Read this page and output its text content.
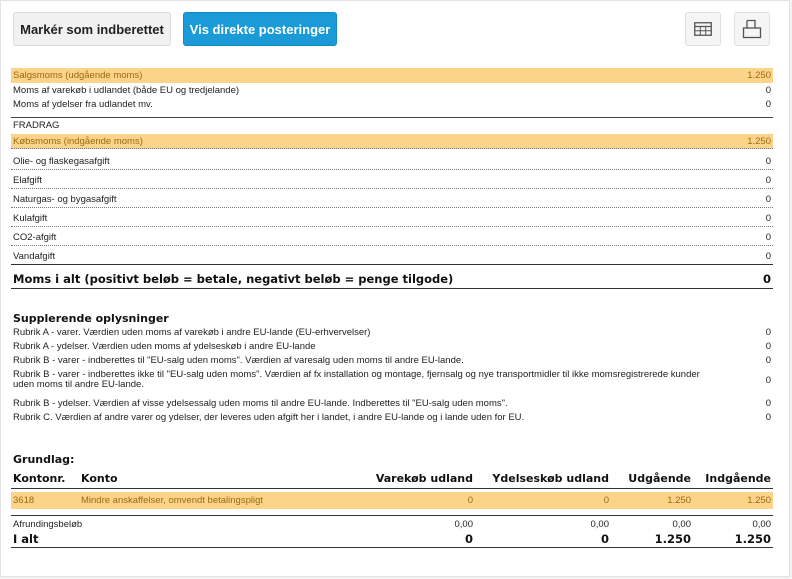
Markér som indberettet	Vis direkte posteringer
Salgsmoms (udgående moms)	1.250
Moms af varekøb i udlandet (både EU og tredjelande)	0
Moms af ydelser fra udlandet mv.	0
FRADRAG
Købsmoms (indgående moms)	1.250
Olie- og flaskegasafgift	0
Elafgift	0
Naturgas- og bygasafgift	0
Kulafgift	0
CO2-afgift	0
Vandafgift	0
Moms i alt (positivt beløb = betale, negativt beløb = penge tilgode)	0
Supplerende oplysninger
Rubrik A - varer. Værdien uden moms af varekøb i andre EU-lande (EU-erhvervelser)	0
Rubrik A - ydelser. Værdien uden moms af ydelseskøb i andre EU-lande	0
Rubrik B - varer - indberettes til "EU-salg uden moms". Værdien af varesalg uden moms til andre EU-lande.	0
Rubrik B - varer - indberettes ikke til "EU-salg uden moms". Værdien af fx installation og montage, fjernsalg og nye transportmidler til ikke momsregistrerede kunder uden moms til andre EU-lande.	0
Rubrik B - ydelser. Værdien af visse ydelsessalg uden moms til andre EU-lande. Indberettes til "EU-salg uden moms".	0
Rubrik C. Værdien af andre varer og ydelser, der leveres uden afgift her i landet, i andre EU-lande og i lande uden for EU.	0
Grundlag:
Kontonr.	Konto	Varekøb udland	Ydelseskøb udland	Udgående	Indgående

3618	Mindre anskaffelser, omvendt betalingspligt	0	0	1.250	1.250

Afrundingsbeløb		0,00	0,00	0,00	0,00
I alt		0	0	1.250	1.250
